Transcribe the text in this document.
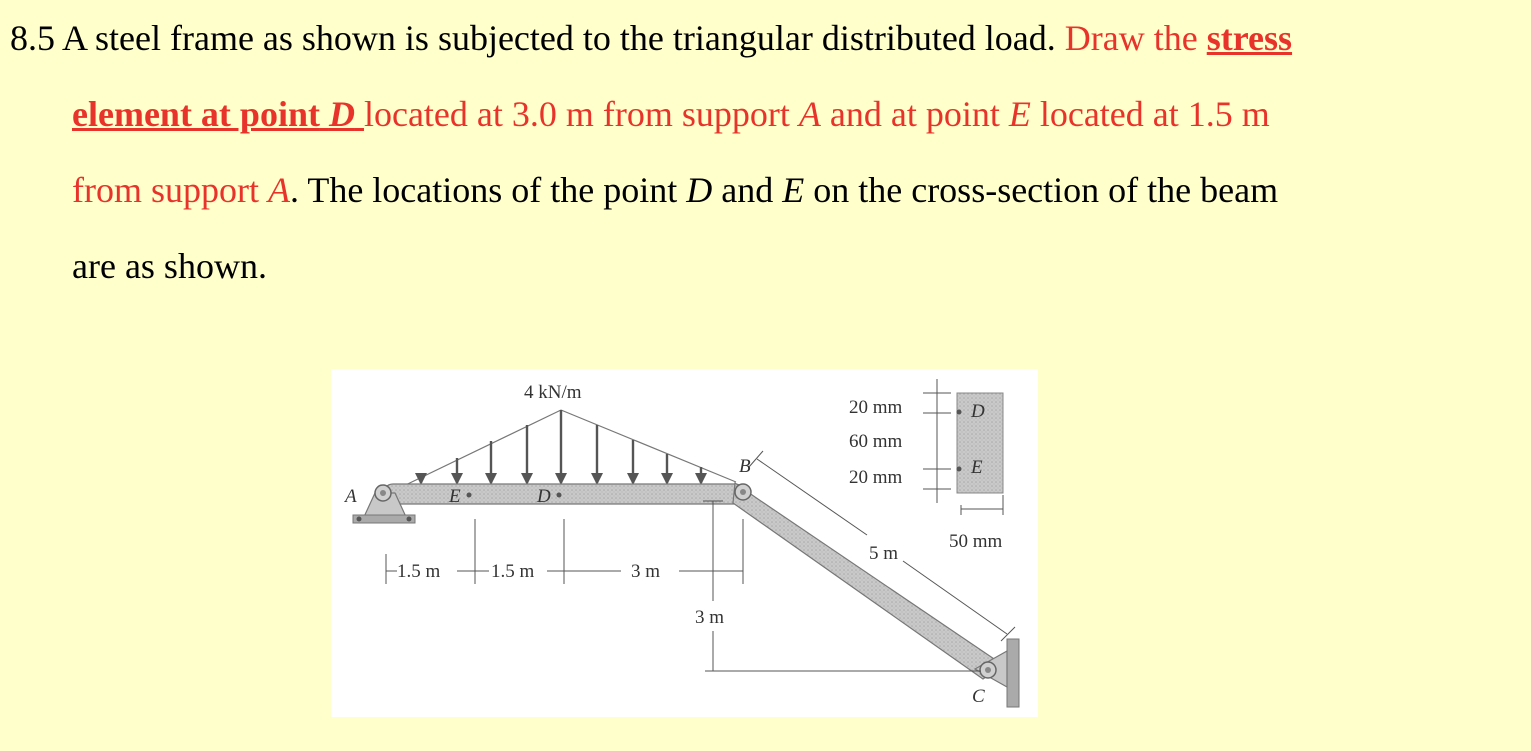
8.5 A steel frame as shown is subjected to the triangular distributed load. Draw the stress
element at point D located at 3.0 m from support A and at point E located at 1.5 m
from support A. The locations of the point D and E on the cross-section of the beam
are as shown.
4 kN/m
A
B
C
E	D
1.5 m	1.5 m	3 m
3 m
5 m
D
E
20 mm
60 mm
20 mm
50 mm
